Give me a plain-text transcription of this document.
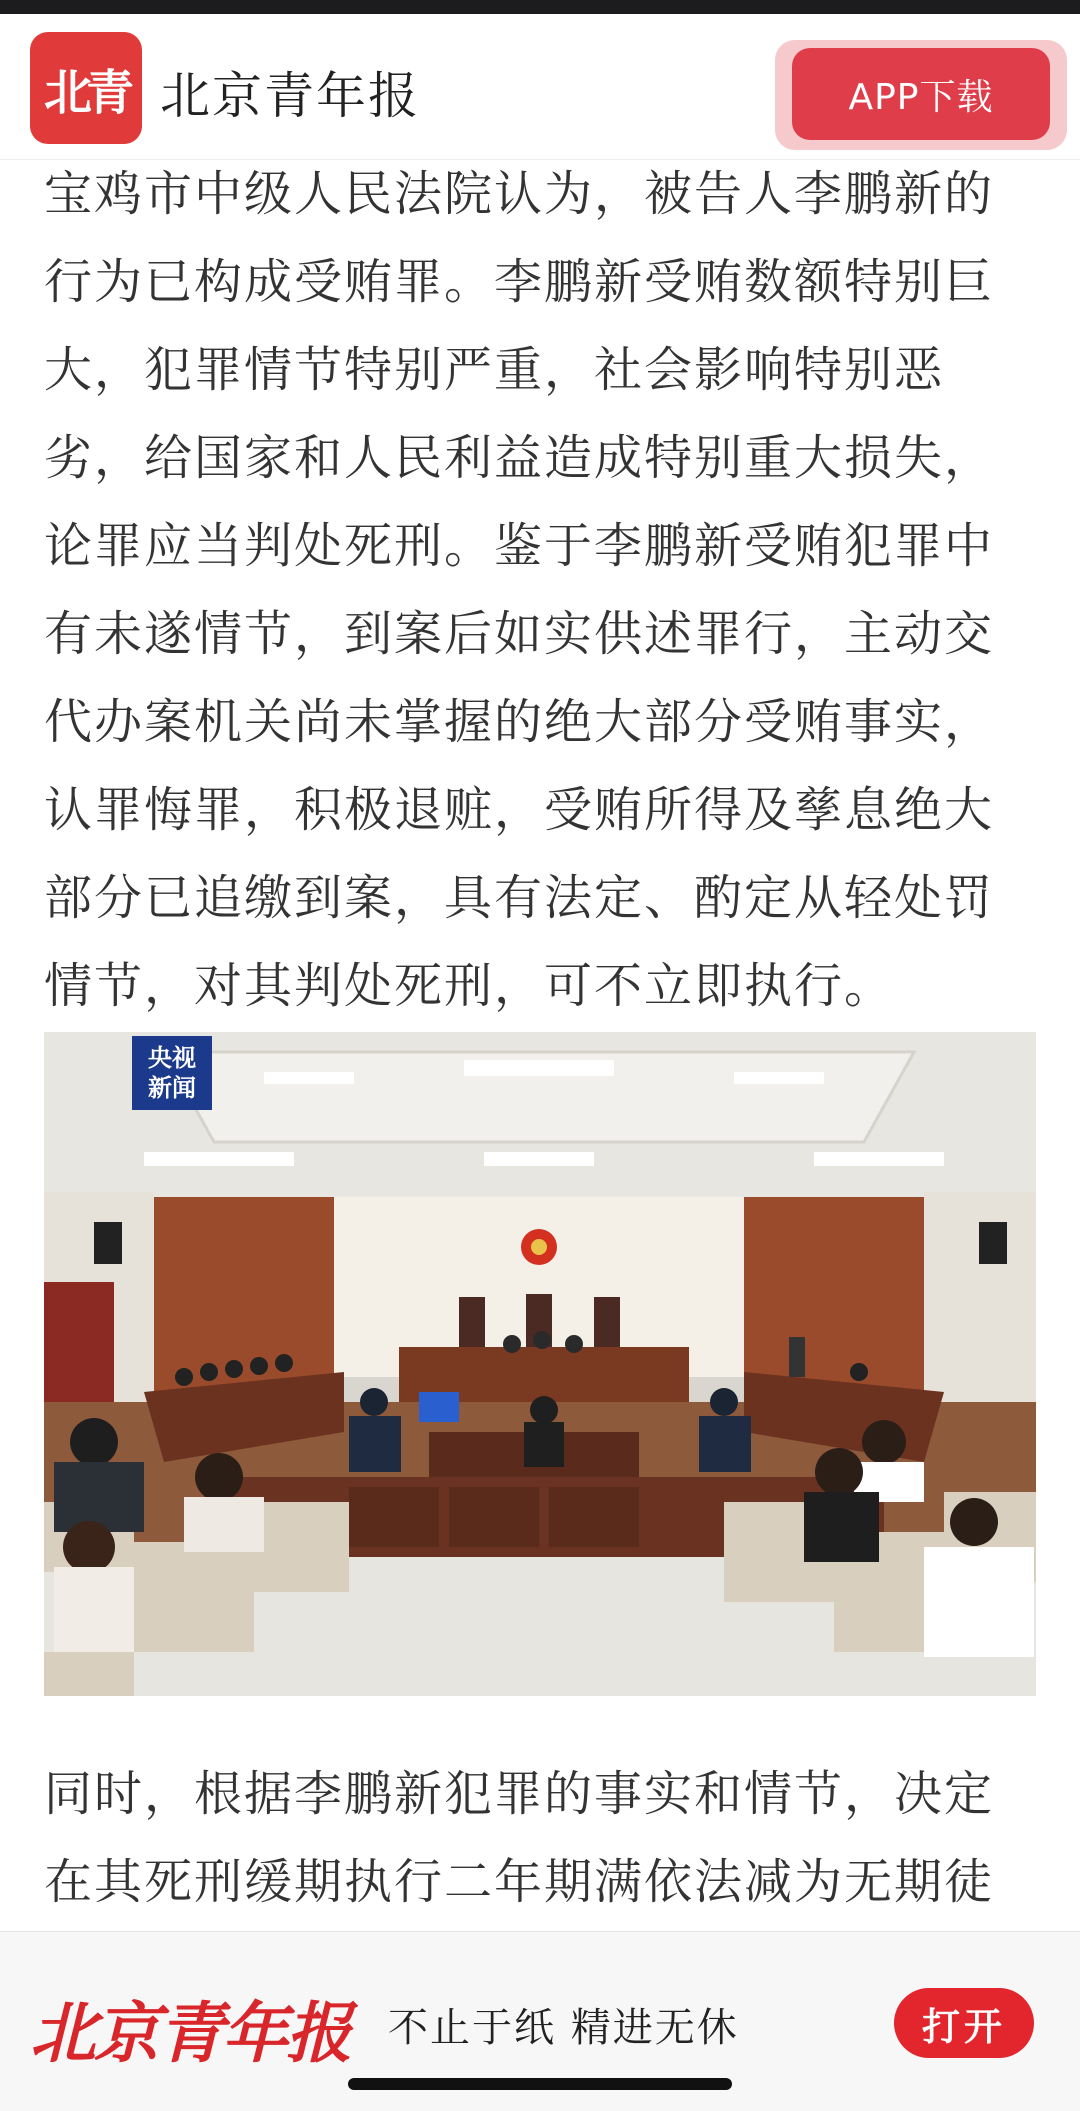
宝鸡市中级人民法院认为，被告人李鹏新的
行为已构成受贿罪。李鹏新受贿数额特别巨
大，犯罪情节特别严重，社会影响特别恶
劣，给国家和人民利益造成特别重大损失，
论罪应当判处死刑。鉴于李鹏新受贿犯罪中
有未遂情节，到案后如实供述罪行，主动交
代办案机关尚未掌握的绝大部分受贿事实，
认罪悔罪，积极退赃，受贿所得及孳息绝大
部分已追缴到案，具有法定、酌定从轻处罚
情节，对其判处死刑，可不立即执行。
央视
新闻
同时，根据李鹏新犯罪的事实和情节，决定
在其死刑缓期执行二年期满依法减为无期徒
北青 北京青年报	APP下载
北京青年报 不止于纸 精进无休	打开
